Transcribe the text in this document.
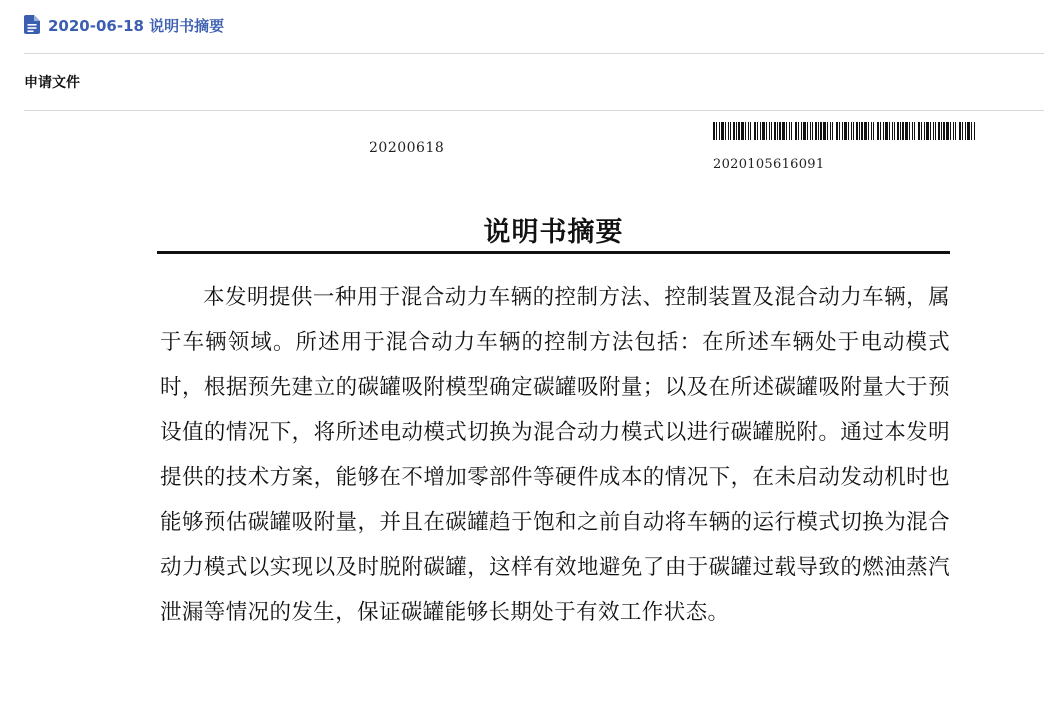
2020-06-18 说明书摘要
申请文件
20200618
2020105616091
说明书摘要

本发明提供一种用于混合动力车辆的控制方法、控制装置及混合动力车辆，属于车辆领域。所述用于混合动力车辆的控制方法包括：在所述车辆处于电动模式时，根据预先建立的碳罐吸附模型确定碳罐吸附量；以及在所述碳罐吸附量大于预设值的情况下，将所述电动模式切换为混合动力模式以进行碳罐脱附。通过本发明提供的技术方案，能够在不增加零部件等硬件成本的情况下，在未启动发动机时也能够预估碳罐吸附量，并且在碳罐趋于饱和之前自动将车辆的运行模式切换为混合动力模式以实现以及时脱附碳罐，这样有效地避免了由于碳罐过载导致的燃油蒸汽泄漏等情况的发生，保证碳罐能够长期处于有效工作状态。
